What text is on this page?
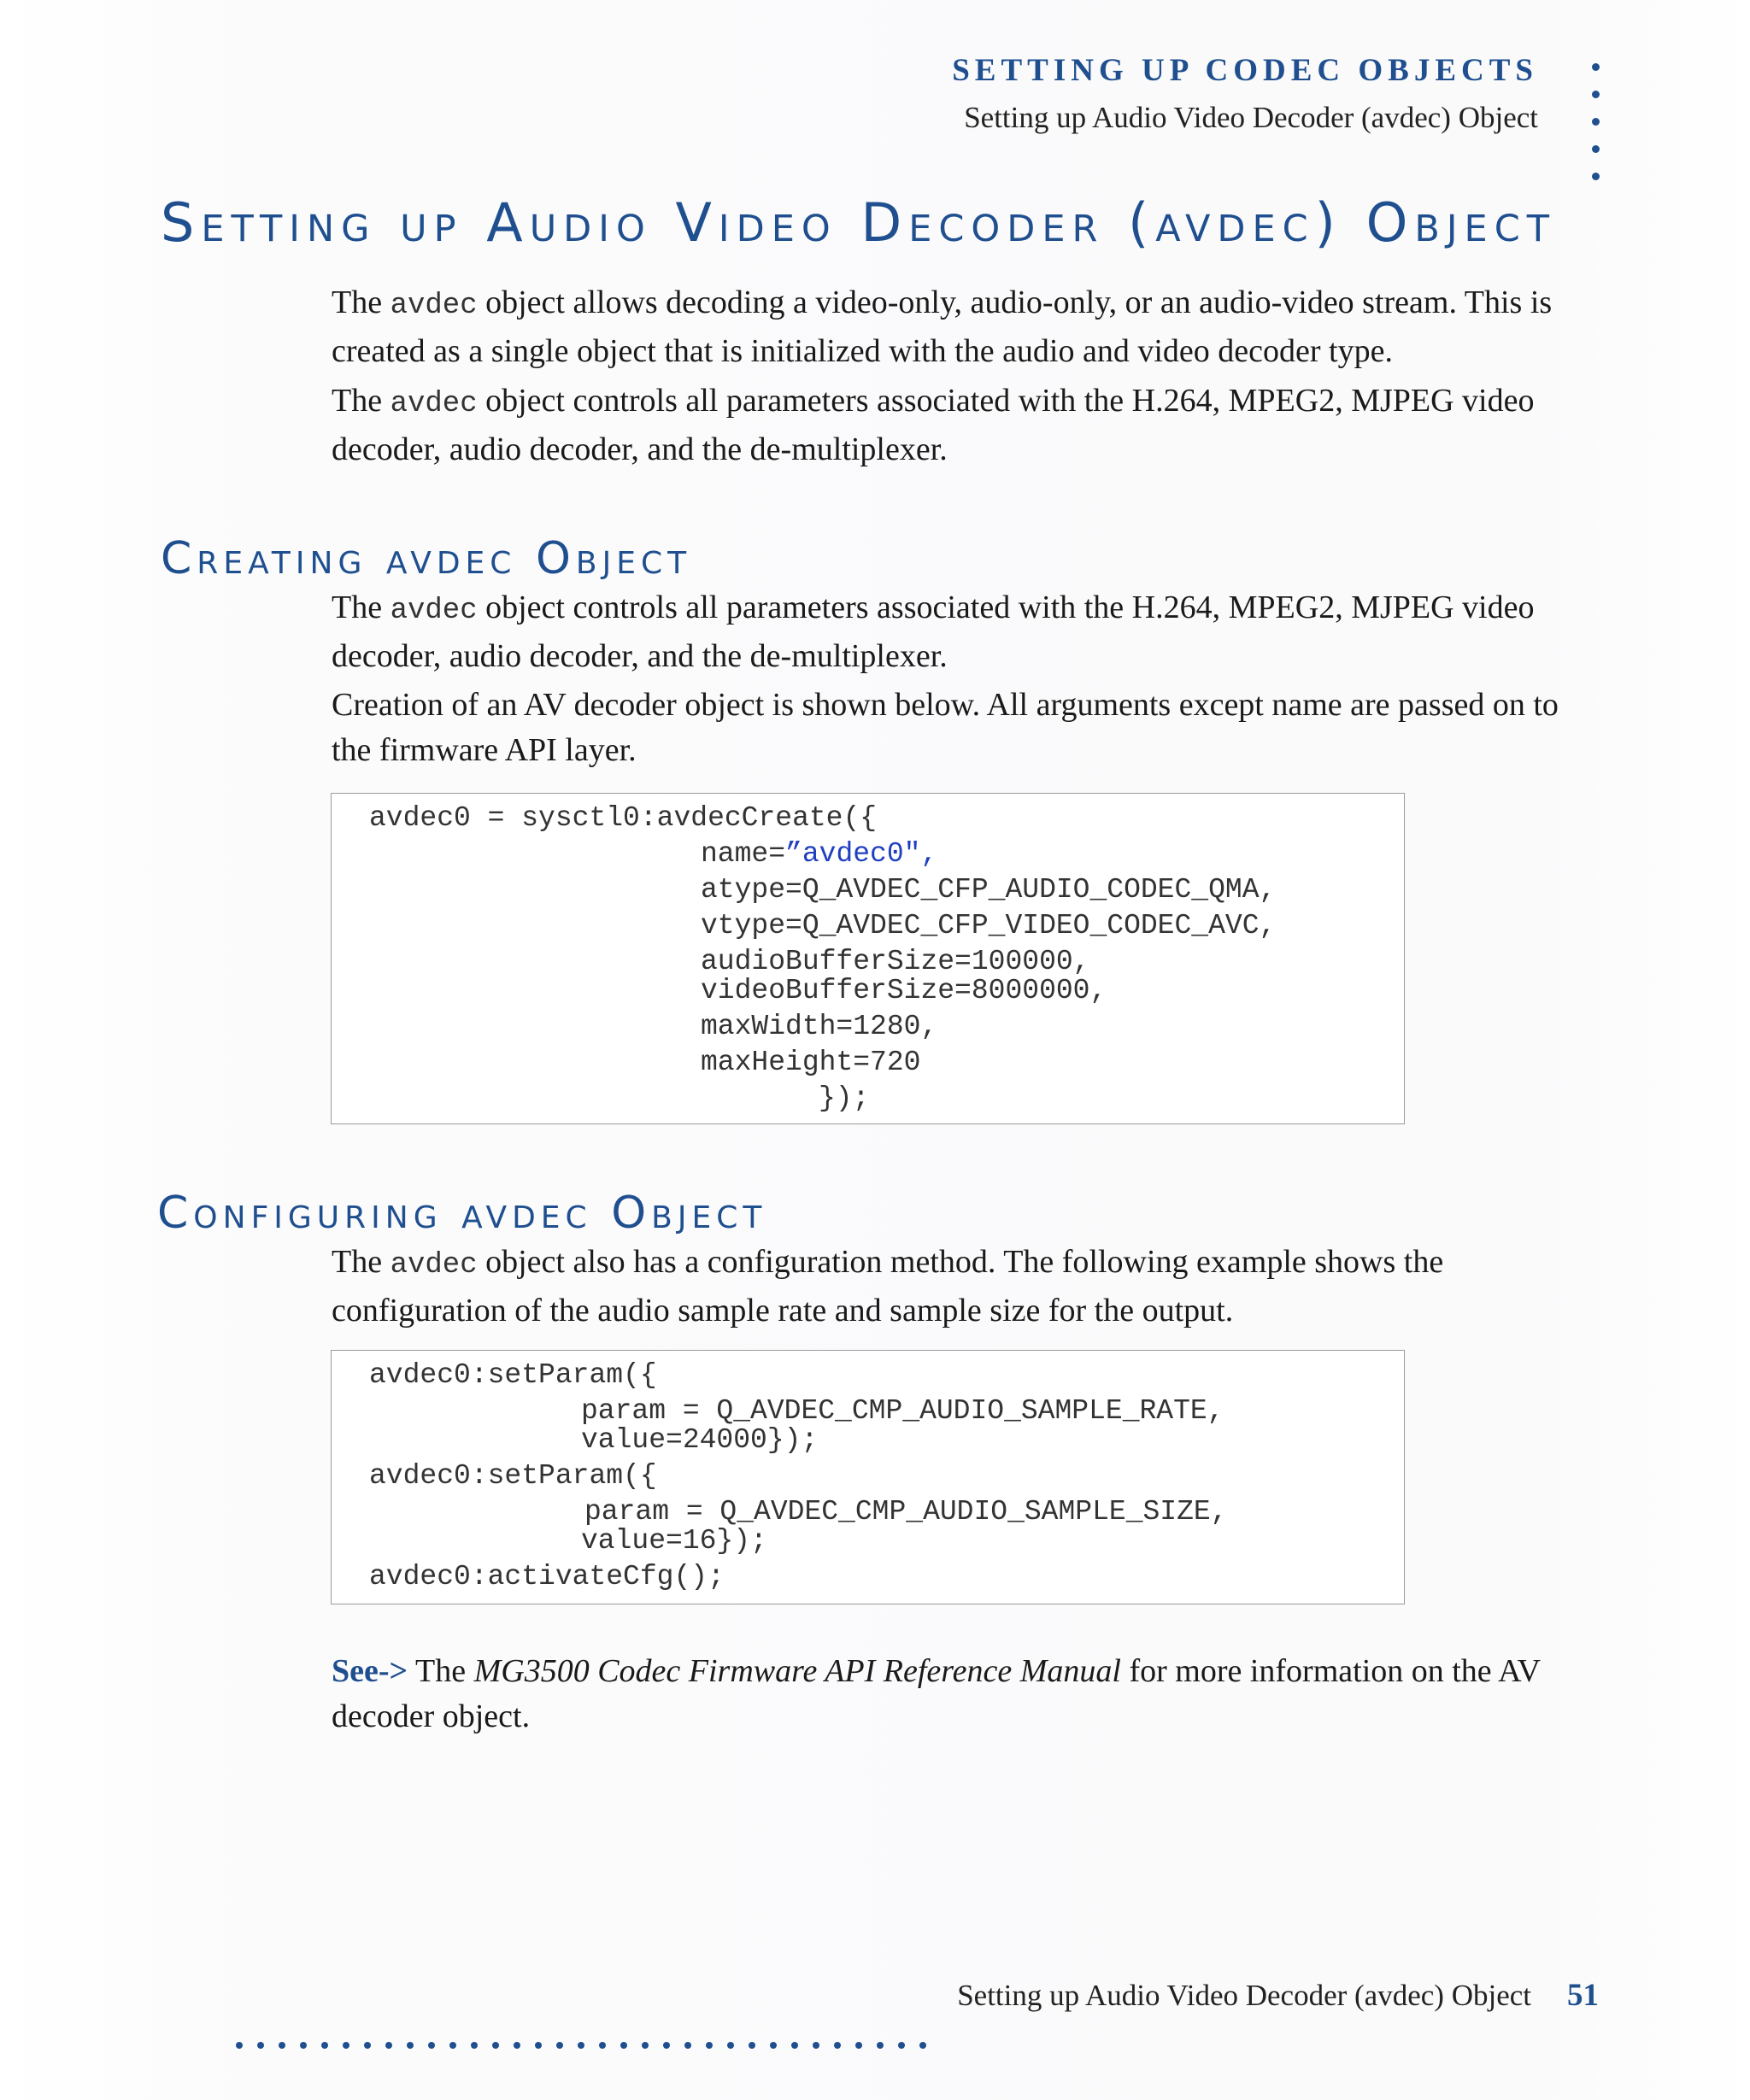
SETTING UP CODEC OBJECTS
Setting up Audio Video Decoder (avdec) Object
Setting up Audio Video Decoder (avdec) Object
The avdec object allows decoding a video-only, audio-only, or an audio-video stream. This is created as a single object that is initialized with the audio and video decoder type.
The avdec object controls all parameters associated with the H.264, MPEG2, MJPEG video decoder, audio decoder, and the de-multiplexer.
Creating avdec Object
The avdec object controls all parameters associated with the H.264, MPEG2, MJPEG video decoder, audio decoder, and the de-multiplexer.
Creation of an AV decoder object is shown below. All arguments except name are passed on to the firmware API layer.
avdec0 = sysctl0:avdecCreate({
name=”avdec0",
atype=Q_AVDEC_CFP_AUDIO_CODEC_QMA,
vtype=Q_AVDEC_CFP_VIDEO_CODEC_AVC,
audioBufferSize=100000,
videoBufferSize=8000000,
maxWidth=1280,
maxHeight=720
});
Configuring avdec Object
The avdec object also has a configuration method. The following example shows the configuration of the audio sample rate and sample size for the output.
avdec0:setParam({
param = Q_AVDEC_CMP_AUDIO_SAMPLE_RATE,
value=24000});
avdec0:setParam({
param = Q_AVDEC_CMP_AUDIO_SAMPLE_SIZE,
value=16});
avdec0:activateCfg();
See-> The MG3500 Codec Firmware API Reference Manual for more information on the AV decoder object.
Setting up Audio Video Decoder (avdec) Object 51
